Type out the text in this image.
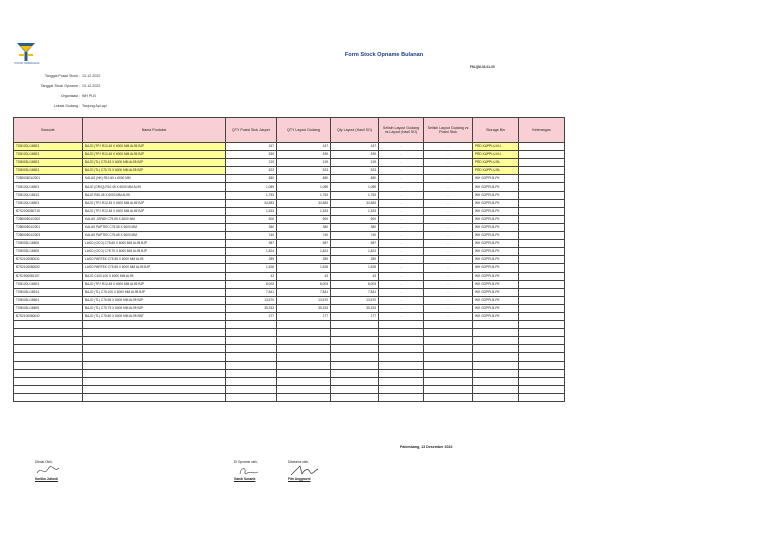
PUPUK SRIWIDJAJA
Form Stock Opname Bulanan
FM-QM-03-01-00
Tanggal Posisi Stock : 13-12-2022
Tanggal Stock Opname : 13-12-2022
Organisasi : WH PLB
Lokasi Gudang : Tanjung Api-api
Barcode	Nama Produksi	QTY Posisi Stok Jasper	QTY Layout Gudang	Qty Layout (Hasil SO)	Selisih Layout Gudang vs Layout (hasil SO)	Selisih Layout Gudang vs Posisi Stok	Storage Bin	Keterangan
TO8120L/16503	BAJO (TPJ R12.45 X 6000 MM AL95 BJP	167	167	167	-	-	PRD KUPPLU-KU	
TO8120L/16503	BAJO (TPJ R12.45 X 6000 MM AL95 BJP	539	539	539	-	-	PRD KUPPLU-KU	
TO8003L/16503	BAJO (TL) C75.45 X 6000 MM AL95 BJP	219	219	219	-	-	PRD KUPPLU-BL	
TO8003L/16503	BAJO (TL) C75.75 X 6000 MM AL95 BJP	523	523	523	-	-	PRD KUPPLU-BL	
T28000801/2001	KALAS (NK) R10.60 x 6000 MM	680	680	680	-	-	WH GOPPLB-PK	
TO8120L/16503	BAJO (GR/Q) R10.45 X 6000 MM AL95	1,089	1,089	1,089	-	-	WH GOPPLB-PK	
TO8120L/16513	BAJO R40.45 X 6000 MM AL95	1,753	1,753	1,753	-	-	WH GOPPLB-PK	
TO8120L/16503	BAJO (TPJ R12.45 X 6000 MM AL95 BJP	34,583	34,583	34,583	-	-	WH GOPPLB-PK	
B7S2200080715	BAJO (TPJ R12.48 X 6000 MM AL95 BJP	1,533	1,533	1,533	-	-	WH GOPPLB-PK	
T28000801/2002	KALAS JOPAR C75.55 X 6000 MM	500	500	500	-	-	WH GOPPLB-PK	
T28000801/2001	KALAS PAPTEK C75.55 X 6000 MM	380	380	380	-	-	WH GOPPLB-PK	
T28000801/2003	KALAS PAPTEK C75.65 X 6000 MM	740	740	740	-	-	WH GOPPLB-PK	
TO8003L/16505	LASO (OCO) C75.65 X 6000 MM AL95 BJP	987	987	987	-	-	WH GOPPLB-PK	
TO8003L/16508	LASO (OCO) C75.75 X 6000 MM AL95 BJP	1,824	1,824	1,824	-	-	WH GOPPLB-PK	
B7S2100080031	LASO PARTEK C75.55 X 6000 MM AL95	289	289	289	-	-	WH GOPPLB-PK	
B7S2100080052	LASO PARTEK C75.65 X 6000 MM AL95 BJP	1,628	1,628	1,628	-	-	WH GOPPLB-PK	
B7S1900081107	BAJO C100.100 X 6000 MM AL95	43	43	43	-	-	WH GOPPLB-PK	
TO8120L/16503	BAJO (TPJ R12.48 X 6000 MM AL95 BJP	8,003	8,003	8,003	-	-	WH GOPPLB-PK	
TO8003L/16514	BAJO (TL) C75.100 X 6000 MM AL95 BJP	7,841	7,841	7,841	-	-	WH GOPPLB-PK	
TO8003L/16504	BAJO (TL) C75.65 X 6000 MM AL95 BJP	13,570	13,570	13,570	-	-	WH GOPPLB-PK	
TO8003L/16505	BAJO (TL) C75.75 X 6000 MM AL95 BJP	35,333	35,333	35,333	-	-	WH GOPPLB-PK	
B7S2100080042	BAJO (TL) C75.80 X 6000 MM AL95 BNT	277	277	277	-	-	WH GOPPLB-PK	

Palembang, 13 Desember 2022
Dibuat Oleh,
Kartika Julianti
Di Opname oleh,
Gandi Susanti
Diketahui oleh,
Fitri Anggraeni
